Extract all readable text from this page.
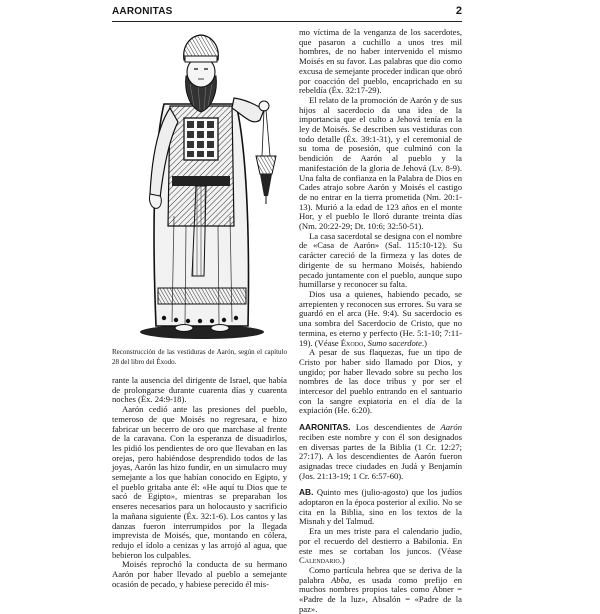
AARONITAS	2
Reconstrucción de las vestiduras de Aarón, según el capítulo 28 del libro del Éxodo.

rante la ausencia del dirigente de Israel, que había de prolongarse durante cuarenta días y cuarenta noches (Éx. 24:9-18).

Aarón cedió ante las presiones del pueblo, temeroso de que Moisés no regresara, e hizo fabricar un becerro de oro que marchase al frente de la caravana. Con la esperanza de disuadirlos, les pidió los pendientes de oro que llevaban en las orejas, pero habiéndose desprendido todos de las joyas, Aarón las hizo fundir, en un simulacro muy semejante a los que habían conocido en Egipto, y el pueblo gritaba ante él: «He aquí tu Dios que te sacó de Egipto», mientras se preparaban los enseres necesarios para un holocausto y sacrificio la mañana siguiente (Éx. 32:1-6). Los cantos y las danzas fueron interrumpidos por la llegada imprevista de Moisés, que, montando en cólera, redujo el ídolo a cenizas y las arrojó al agua, que bebieron los culpables.

Moisés reprochó la conducta de su hermano Aarón por haber llevado al pueblo a semejante ocasión de pecado, y habiese perecido él mis-

mo víctima de la venganza de los sacerdotes, que pasaron a cuchillo a unos tres mil hombres, de no haber intervenido el mismo Moisés en su favor. Las palabras que dio como excusa de semejante proceder indican que obró por coacción del pueblo, encaprichado en su rebeldía (Éx. 32:17-29).

El relato de la promoción de Aarón y de sus hijos al sacerdocio da una idea de la importancia que el culto a Jehová tenía en la ley de Moisés. Se describen sus vestiduras con todo detalle (Éx. 39:1-31), y el ceremonial de su toma de posesión, que culminó con la bendición de Aarón al pueblo y la manifestación de la gloria de Jehová (Lv. 8-9). Una falta de confianza en la Palabra de Dios en Cades atrajo sobre Aarón y Moisés el castigo de no entrar en la tierra prometida (Nm. 20:1-13). Murió a la edad de 123 años en el monte Hor, y el pueblo le lloró durante treinta días (Nm. 20:22-29; Dt. 10:6; 32:50-51).

La casa sacerdotal se designa con el nombre de «Casa de Aarón» (Sal. 115:10-12). Su carácter careció de la firmeza y las dotes de dirigente de su hermano Moisés, habiendo pecado juntamente con el pueblo, aunque supo humillarse y reconocer su falta.

Dios usa a quienes, habiendo pecado, se arrepienten y reconocen sus errores. Su vara se guardó en el arca (He. 9:4). Su sacerdocio es una sombra del Sacerdocio de Cristo, que no termina, es eterno y perfecto (He. 5:1-10; 7:11-19). (Véase Éxodo, Sumo sacerdote.)

A pesar de sus flaquezas, fue un tipo de Cristo por haber sido llamado por Dios, y ungido; por haber llevado sobre su pecho los nombres de las doce tribus y por ser el intercesor del pueblo entrando en el santuario con la sangre expiatoria en el día de la expiación (He. 6:20).

AARONITAS. Los descendientes de Aarón reciben este nombre y con él son designados en diversas partes de la Biblia (1 Cr. 12:27; 27:17). A los descendientes de Aarón fueron asignadas trece ciudades en Judá y Benjamín (Jos. 21:13-19; 1 Cr. 6:57-60).

AB. Quinto mes (julio-agosto) que los judíos adoptaron en la época posterior al exilio. No se cita en la Biblia, sino en los textos de la Misnah y del Talmud.

Era un mes triste para el calendario judío, por el recuerdo del destierro a Babilonia. En este mes se cortaban los juncos. (Véase Calendario.)

Como partícula hebrea que se deriva de la palabra Abba, es usada como prefijo en muchos nombres propios tales como Abner = «Padre de la luz», Absalón = «Padre de la paz».
